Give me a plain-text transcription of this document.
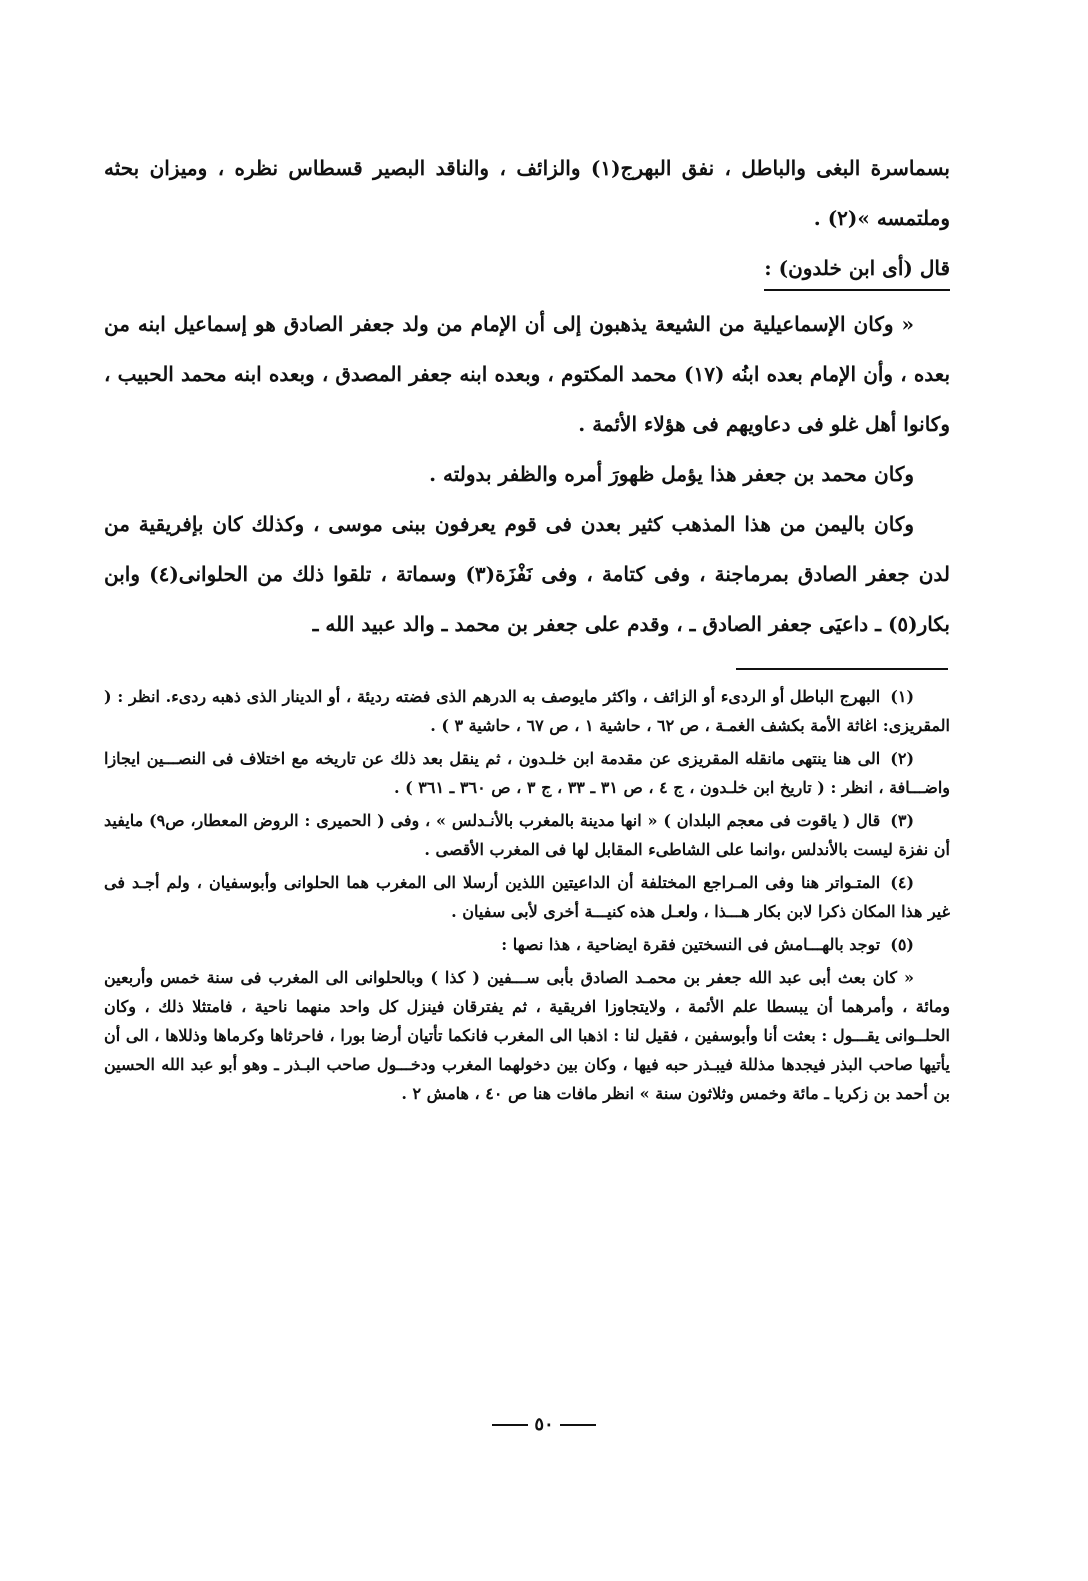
بسماسرة البغى والباطل ، نفق البهرج(١) والزائف ، والناقد البصير قسطاس نظره ، وميزان بحثه وملتمسه »(٢) .

قال (أى ابن خلدون) :

« وكان الإسماعيلية من الشيعة يذهبون إلى أن الإمام من ولد جعفر الصادق هو إسماعيل ابنه من بعده ، وأن الإمام بعده ابنُه (١٧) محمد المكتوم ، وبعده ابنه جعفر المصدق ، وبعده ابنه محمد الحبيب ، وكانوا أهل غلو فى دعاويهم فى هؤلاء الأئمة .

وكان محمد بن جعفر هذا يؤمل ظهورَ أمره والظفر بدولته .

وكان باليمن من هذا المذهب كثير بعدن فى قوم يعرفون ببنى موسى ، وكذلك كان بإفريقية من لدن جعفر الصادق بمرماجنة ، وفى كتامة ، وفى نَفْزَة(٣) وسماتة ، تلقوا ذلك من الحلوانى(٤) وابن بكار(٥) ـ داعيَى جعفر الصادق ـ ، وقدم على جعفر بن محمد ـ والد عبيد الله ـ

(١)البهرج الباطل أو الردىء أو الزائف ، واكثر مايوصف به الدرهم الذى فضته رديئة ، أو الدينار الذى ذهبه ردىء. انظر : ( المقريزى: اغاثة الأمة بكشف الغمـة ، ص ٦٢ ، حاشية ١ ، ص ٦٧ ، حاشية ٣ ) .

(٢)الى هنا ينتهى مانقله المقريزى عن مقدمة ابن خلـدون ، ثم ينقل بعد ذلك عن تاريخه مع اختلاف فى النصـــين ايجازا واضـــافة ، انظر : ( تاريخ ابن خلـدون ، ج ٤ ، ص ٣١ ـ ٣٣ ، ج ٣ ، ص ٣٦٠ ـ ٣٦١ ) .

(٣)قال ( ياقوت فى معجم البلدان ) « انها مدينة بالمغرب بالأنـدلس » ، وفى ( الحميرى : الروض المعطار، ص٩) مايفيد أن نفزة ليست بالأندلس ،وانما على الشاطىء المقابل لها فى المغرب الأقصى .

(٤)المتـواتر هنا وفى المـراجع المختلفة أن الداعيتين اللذين أرسلا الى المغرب هما الحلوانى وأبوسفيان ، ولم أجـد فى غير هذا المكان ذكرا لابن بكار هـــذا ، ولعـل هذه كنيـــة أخرى لأبى سفيان .

(٥)توجد بالهـــامش فى النسختين فقرة ايضاحية ، هذا نصها :

« كان بعث أبى عبد الله جعفر بن محمـد الصادق بأبى ســـفين ( كذا ) وبالحلوانى الى المغرب فى سنة خمس وأربعين ومائة ، وأمرهما أن يبسطا علم الأئمة ، ولايتجاوزا افريقية ، ثم يفترقان فينزل كل واحد منهما ناحية ، فامتثلا ذلك ، وكان الحلــوانى يقـــول : بعثت أنا وأبوسفين ، فقيل لنا : اذهبا الى المغرب فانكما تأتيان أرضا بورا ، فاحرثاها وكرماها وذللاها ، الى أن يأتيها صاحب البذر فيجدها مذللة فيبـذر حبه فيها ، وكان بين دخولهما المغرب ودخـــول صاحب البـذر ـ وهو أبو عبد الله الحسين بن أحمد بن زكريا ـ مائة وخمس وثلاثون سنة » انظر مافات هنا ص ٤٠ ، هامش ٢ .

٥٠
